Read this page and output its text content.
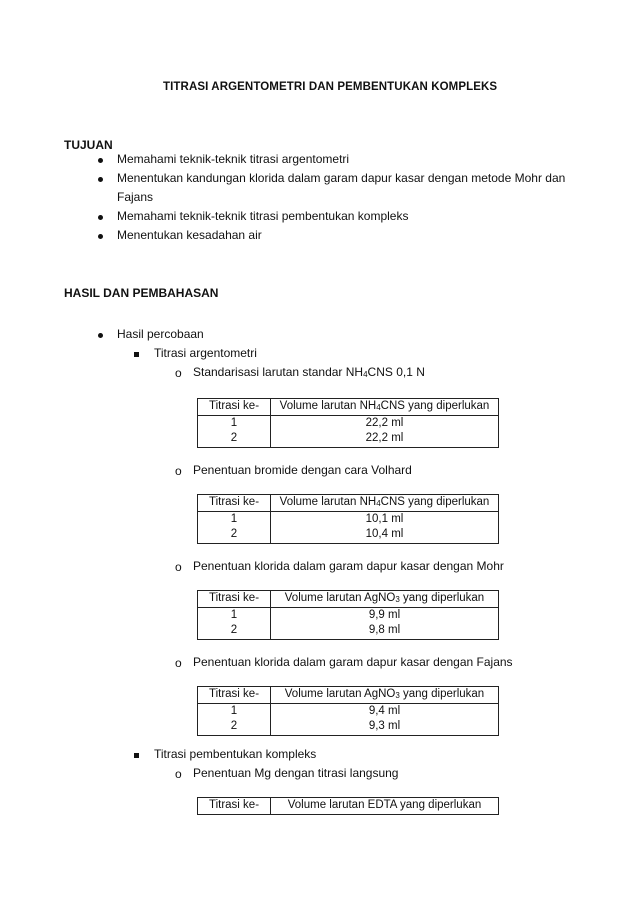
TITRASI ARGENTOMETRI DAN PEMBENTUKAN KOMPLEKS
TUJUAN
Memahami teknik-teknik titrasi argentometri
Menentukan kandungan klorida dalam garam dapur kasar dengan metode Mohr dan
Fajans
Memahami teknik-teknik titrasi pembentukan kompleks
Menentukan kesadahan air
HASIL DAN PEMBAHASAN
Hasil percobaan
Titrasi argentometri
o Standarisasi larutan standar $NH_4CNS$ 0,1 N
Titrasi ke-	Volume larutan $NH_4CNS$ yang diperlukan
1	22,2 ml
2	22,2 ml
o Penentuan bromide dengan cara Volhard
Titrasi ke-	Volume larutan $NH_4CNS$ yang diperlukan
1	10,1 ml
2	10,4 ml
o Penentuan klorida dalam garam dapur kasar dengan Mohr
Titrasi ke-	Volume larutan AgNO$_3$ yang diperlukan
1	9,9 ml
2	9,8 ml
o Penentuan klorida dalam garam dapur kasar dengan Fajans
Titrasi ke-	Volume larutan AgNO$_3$ yang diperlukan
1	9,4 ml
2	9,3 ml
Titrasi pembentukan kompleks
o Penentuan Mg dengan titrasi langsung
Titrasi ke-	Volume larutan EDTA yang diperlukan
